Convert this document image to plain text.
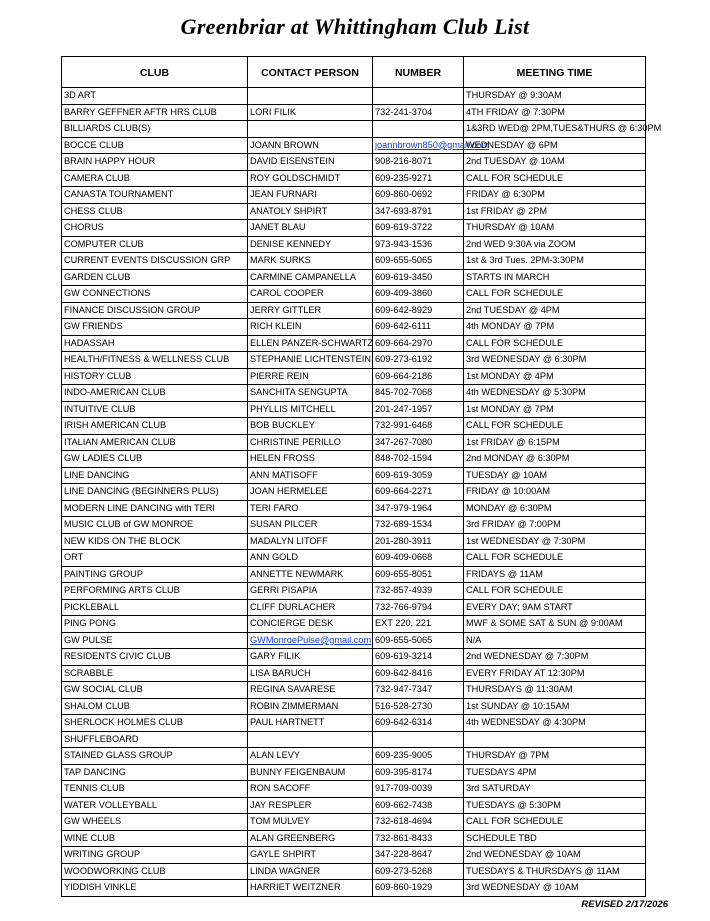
Greenbriar at Whittingham Club List
CLUB	CONTACT PERSON	NUMBER	MEETING TIME
3D ART			THURSDAY @ 9:30AM
BARRY GEFFNER AFTR HRS CLUB	LORI FILIK	732-241-3704	4TH FRIDAY @ 7:30PM
BILLIARDS CLUB(S)			1&3RD WED@ 2PM,TUES&THURS @ 6:30PM
BOCCE CLUB	JOANN BROWN	joannbrown850@gmail.com	WEDNESDAY @ 6PM
BRAIN HAPPY HOUR	DAVID EISENSTEIN	908-216-8071	2nd TUESDAY @ 10AM
CAMERA CLUB	ROY GOLDSCHMIDT	609-235-9271	CALL FOR SCHEDULE
CANASTA TOURNAMENT	JEAN FURNARI	609-860-0692	FRIDAY @ 6:30PM
CHESS CLUB	ANATOLY SHPIRT	347-693-8791	1st FRIDAY @ 2PM
CHORUS	JANET BLAU	609-619-3722	THURSDAY @ 10AM
COMPUTER CLUB	DENISE KENNEDY	973-943-1536	2nd WED 9:30A via ZOOM
CURRENT EVENTS DISCUSSION GRP	MARK SURKS	609-655-5065	1st & 3rd Tues. 2PM-3:30PM
GARDEN CLUB	CARMINE CAMPANELLA	609-619-3450	STARTS IN MARCH
GW CONNECTIONS	CAROL COOPER	609-409-3860	CALL FOR SCHEDULE
FINANCE DISCUSSION GROUP	JERRY GITTLER	609-642-8929	2nd TUESDAY @ 4PM
GW FRIENDS	RICH KLEIN	609-642-6111	4th MONDAY @ 7PM
HADASSAH	ELLEN PANZER-SCHWARTZ	609-664-2970	CALL FOR SCHEDULE
HEALTH/FITNESS & WELLNESS CLUB	STEPHANIE LICHTENSTEIN	609-273-6192	3rd WEDNESDAY @ 6:30PM
HISTORY CLUB	PIERRE REIN	609-664-2186	1st MONDAY @ 4PM
INDO-AMERICAN CLUB	SANCHITA SENGUPTA	845-702-7068	4th WEDNESDAY @ 5:30PM
INTUITIVE CLUB	PHYLLIS MITCHELL	201-247-1957	1st MONDAY @ 7PM
IRISH AMERICAN CLUB	BOB BUCKLEY	732-991-6468	CALL FOR SCHEDULE
ITALIAN AMERICAN CLUB	CHRISTINE PERILLO	347-267-7080	1st FRIDAY @ 6:15PM
GW LADIES CLUB	HELEN FROSS	848-702-1594	2nd MONDAY @ 6:30PM
LINE DANCING	ANN MATISOFF	609-619-3059	TUESDAY @ 10AM
LINE DANCING (BEGINNERS PLUS)	JOAN HERMELEE	609-664-2271	FRIDAY @ 10:00AM
MODERN LINE DANCING with TERI	TERI FARO	347-979-1964	MONDAY @ 6:30PM
MUSIC CLUB of GW MONROE	SUSAN PILCER	732-689-1534	3rd FRIDAY @ 7:00PM
NEW KIDS ON THE BLOCK	MADALYN LITOFF	201-280-3911	1st WEDNESDAY @ 7:30PM
ORT	ANN GOLD	609-409-0668	CALL FOR SCHEDULE
PAINTING GROUP	ANNETTE NEWMARK	609-655-8051	FRIDAYS @ 11AM
PERFORMING ARTS CLUB	GERRI PISAPIA	732-857-4939	CALL FOR SCHEDULE
PICKLEBALL	CLIFF DURLACHER	732-766-9794	EVERY DAY; 9AM START
PING PONG	CONCIERGE DESK	EXT 220, 221	MWF & SOME SAT & SUN @ 9:00AM
GW PULSE	GWMonroePulse@gmail.com	609-655-5065	N/A
RESIDENTS CIVIC CLUB	GARY FILIK	609-619-3214	2nd WEDNESDAY @ 7:30PM
SCRABBLE	LISA BARUCH	609-642-8416	EVERY FRIDAY AT 12:30PM
GW SOCIAL CLUB	REGINA SAVARESE	732-947-7347	THURSDAYS @ 11:30AM
SHALOM CLUB	ROBIN ZIMMERMAN	516-528-2730	1st SUNDAY @ 10:15AM
SHERLOCK HOLMES CLUB	PAUL HARTNETT	609-642-6314	4th WEDNESDAY @ 4:30PM
SHUFFLEBOARD			
STAINED GLASS GROUP	ALAN LEVY	609-235-9005	THURSDAY @ 7PM
TAP DANCING	BUNNY FEIGENBAUM	609-395-8174	TUESDAYS 4PM
TENNIS CLUB	RON SACOFF	917-709-0039	3rd SATURDAY
WATER VOLLEYBALL	JAY RESPLER	609-662-7438	TUESDAYS @ 5:30PM
GW WHEELS	TOM MULVEY	732-618-4694	CALL FOR SCHEDULE
WINE CLUB	ALAN GREENBERG	732-861-8433	SCHEDULE TBD
WRITING GROUP	GAYLE SHPIRT	347-228-8647	2nd WEDNESDAY @ 10AM
WOODWORKING CLUB	LINDA WAGNER	609-273-5268	TUESDAYS & THURSDAYS @ 11AM
YIDDISH VINKLE	HARRIET WEITZNER	609-860-1929	3rd WEDNESDAY @ 10AM
REVISED 2/17/2026
